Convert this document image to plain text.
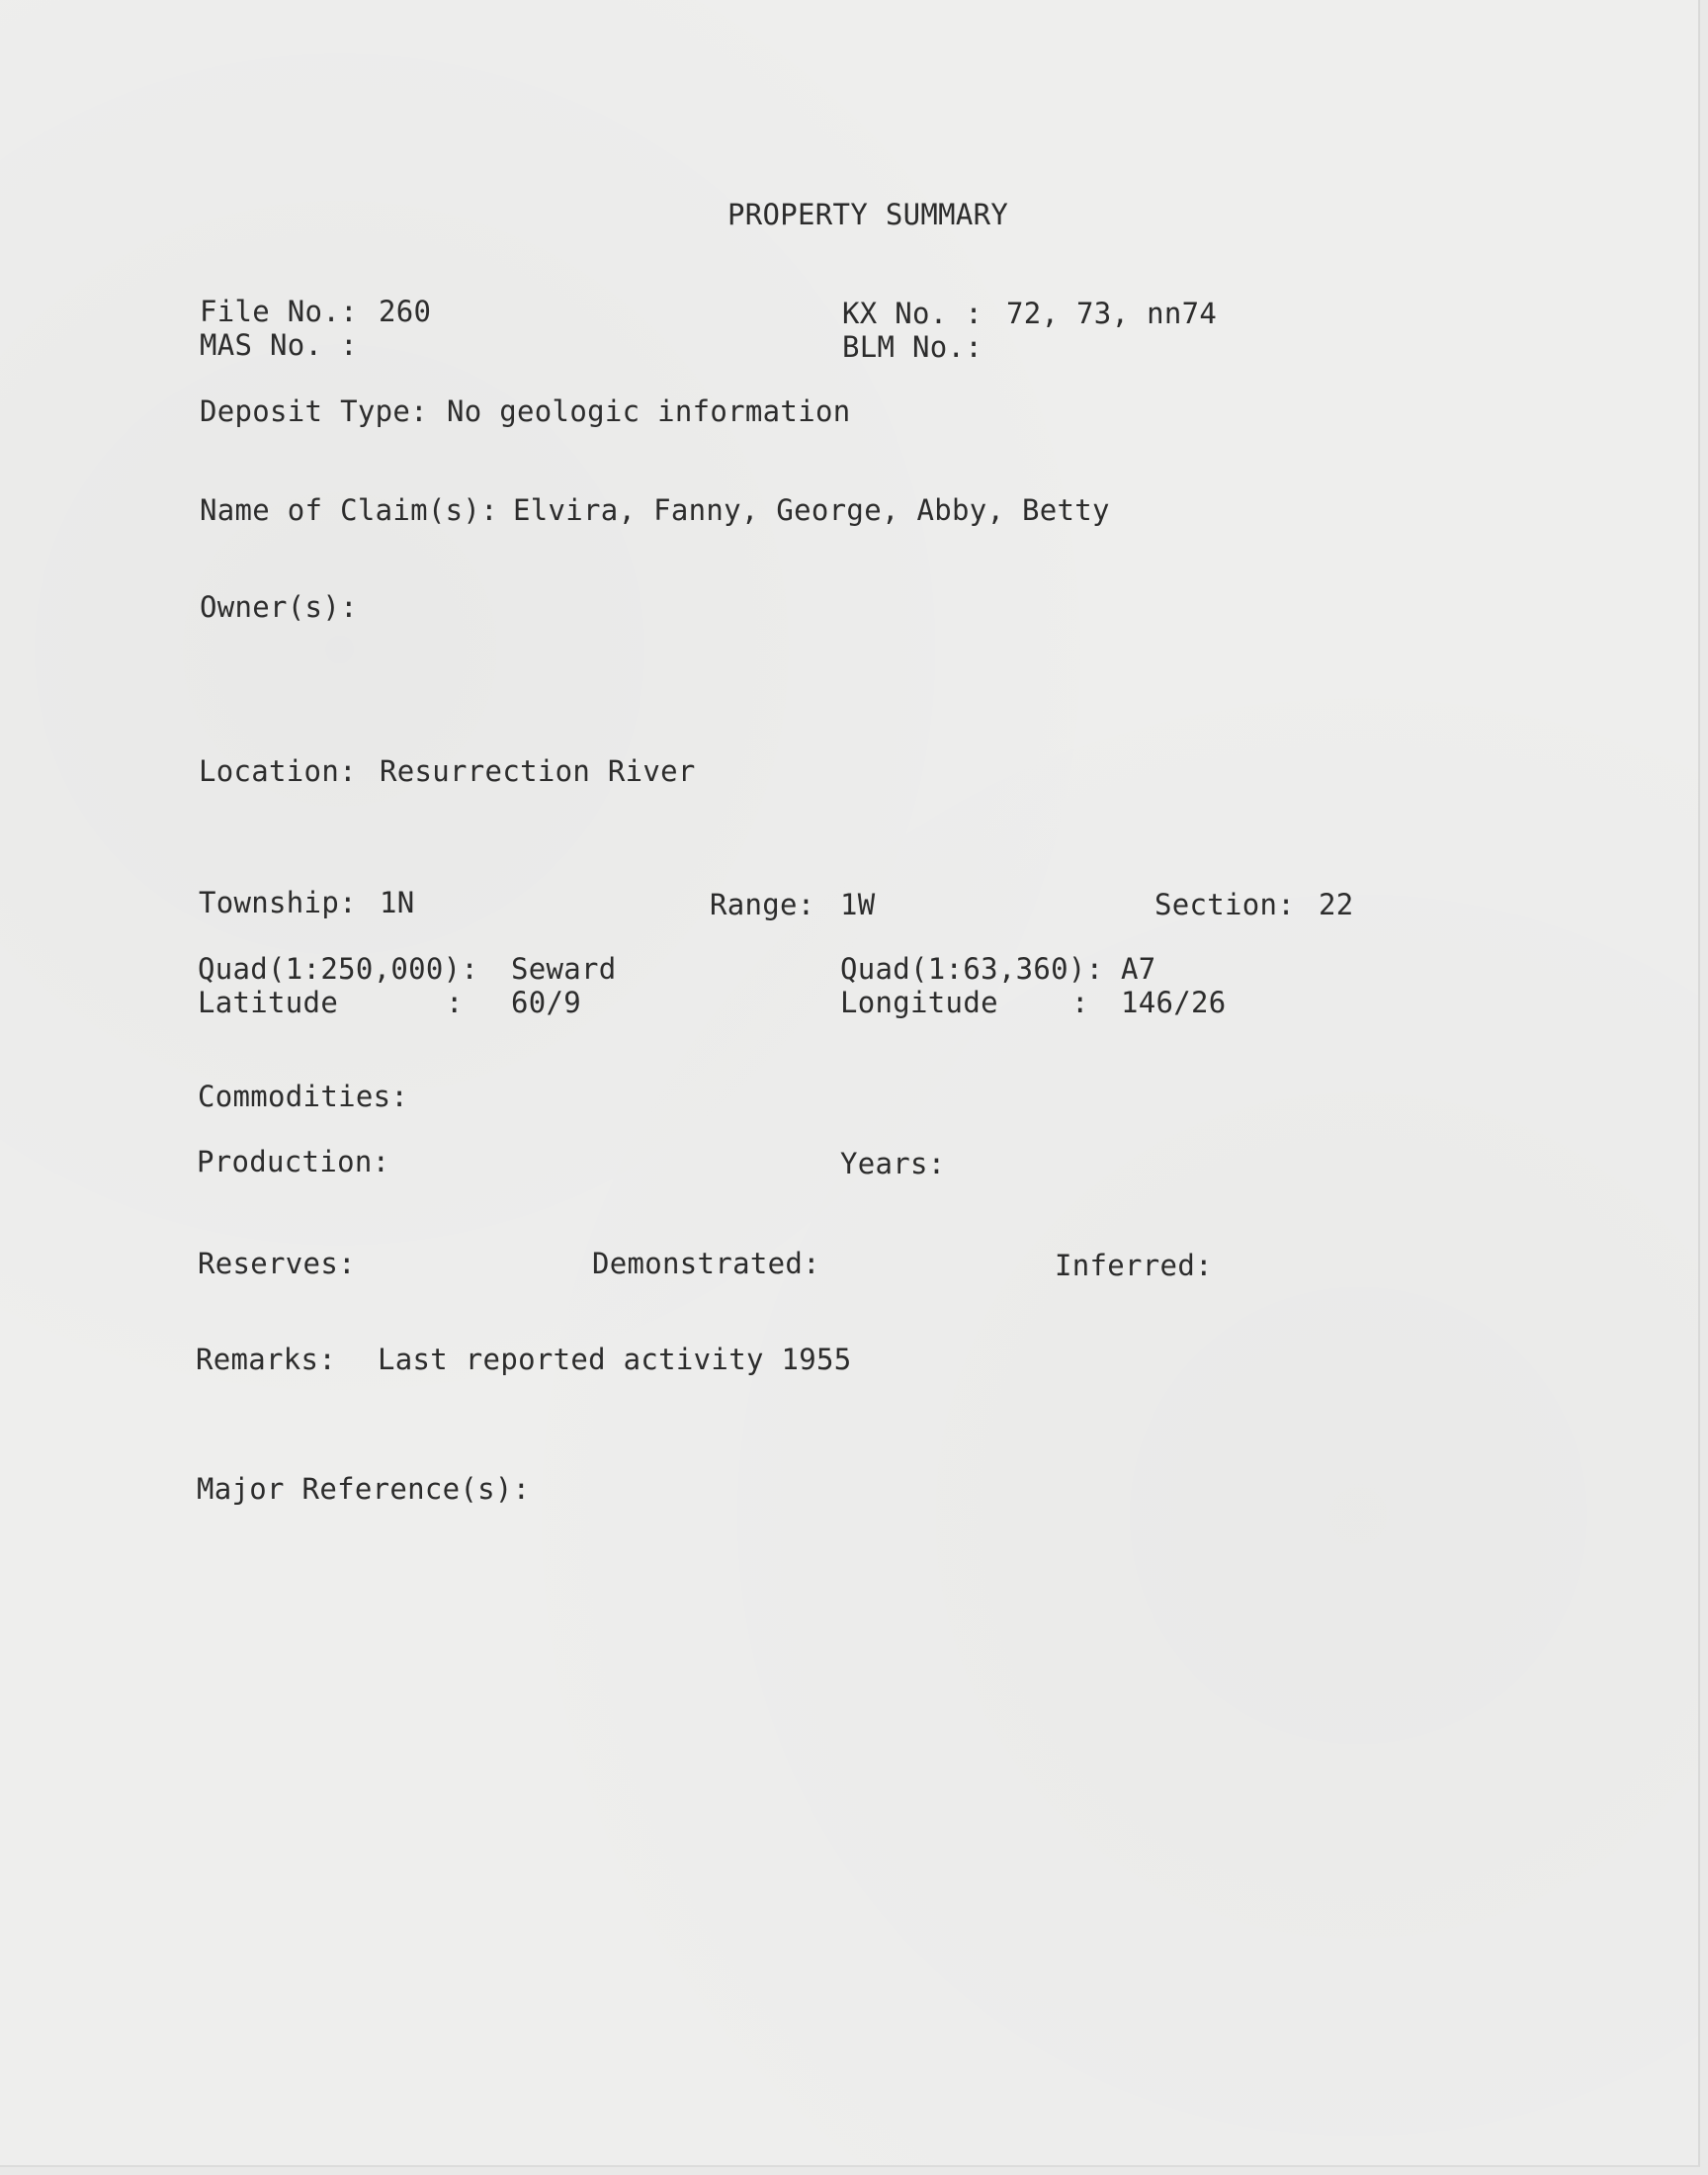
PROPERTY SUMMARY
File No.: 260
MAS No. :
KX No. : 72, 73, nn74
BLM No.:
Deposit Type: No geologic information
Name of Claim(s): Elvira, Fanny, George, Abby, Betty
Owner(s):
Location: Resurrection River
Township: 1N	Range: 1W	Section: 22
Quad(1:250,000): Seward
Latitude	: 60/9
Quad(1:63,360): A7
Longitude	: 146/26
Commodities:
Production:	Years:
Reserves:	Demonstrated:	Inferred:
Remarks: Last reported activity 1955
Major Reference(s):
